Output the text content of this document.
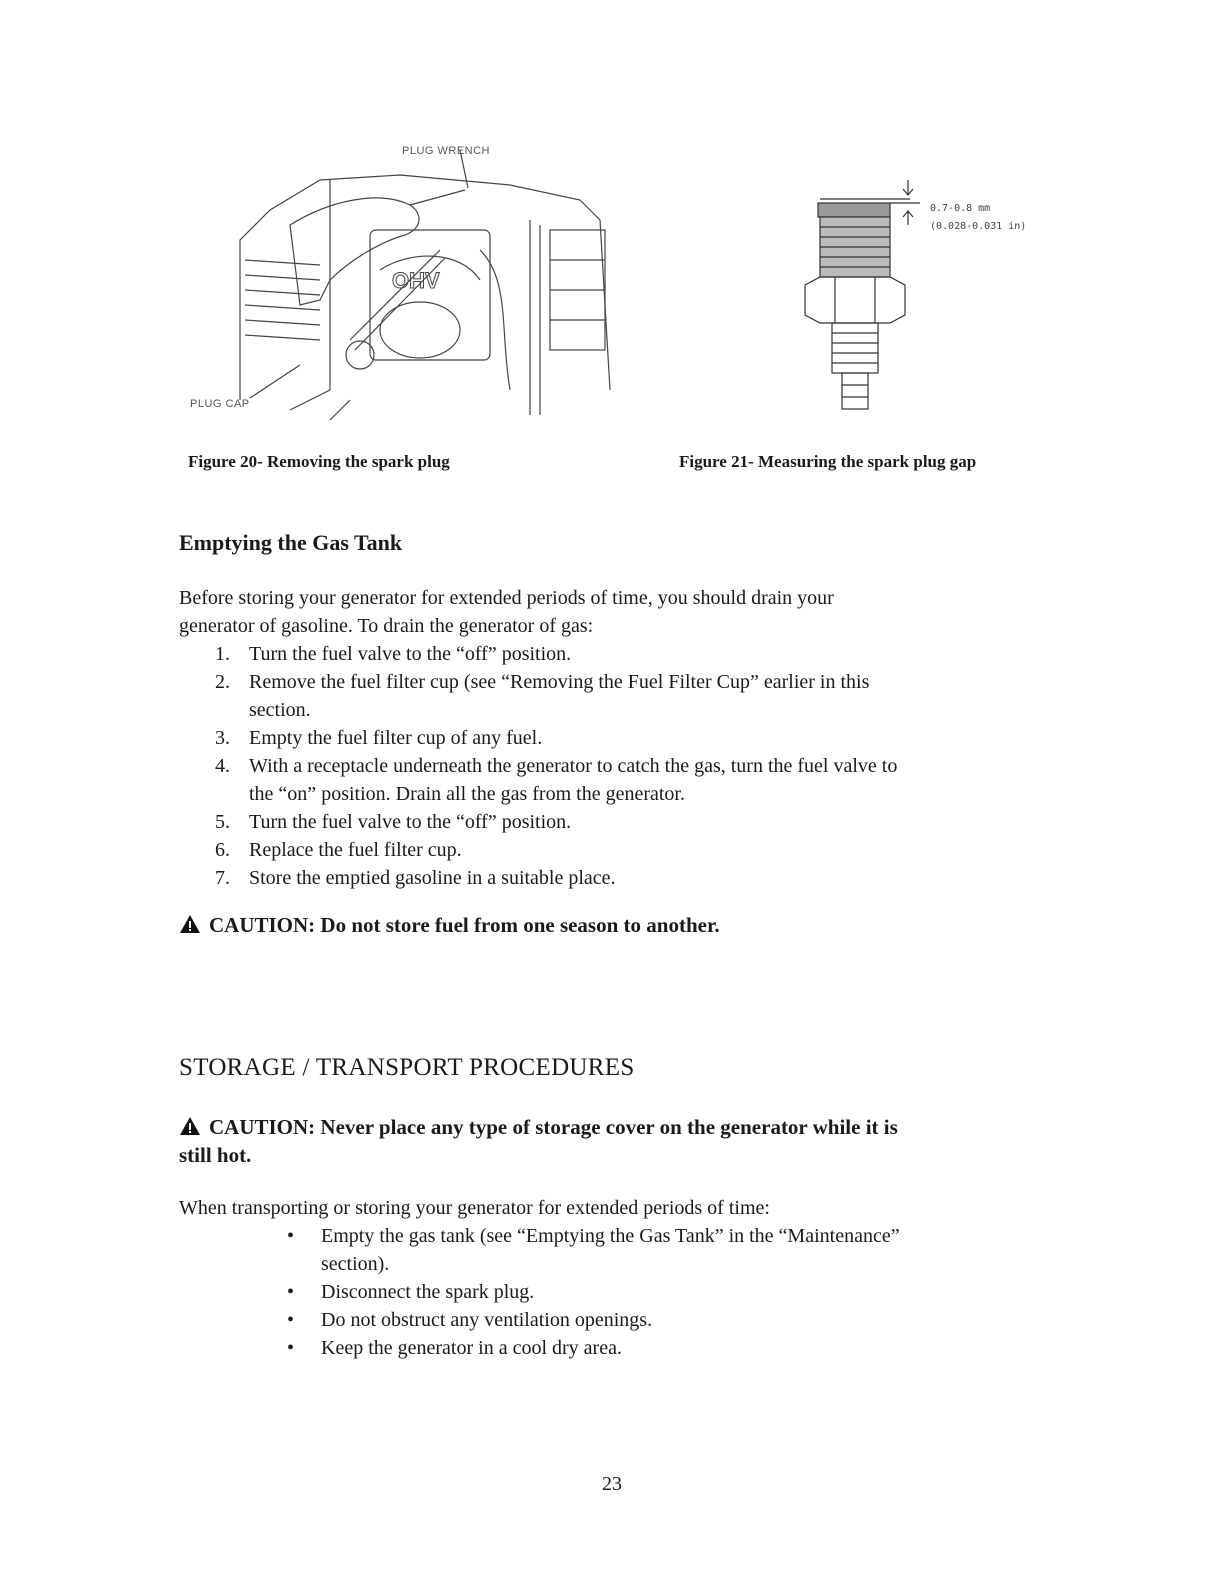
OHV
PLUG WRENCH
PLUG CAP
0.7-0.8 mm
(0.028-0.031 in)
Figure 20- Removing the spark plug	Figure 21- Measuring the spark plug gap
Emptying the Gas Tank
Before storing your generator for extended periods of time, you should drain your
generator of gasoline. To drain the generator of gas:
1. Turn the fuel valve to the “off” position.
2. Remove the fuel filter cup (see “Removing the Fuel Filter Cup” earlier in this
section.
3. Empty the fuel filter cup of any fuel.
4. With a receptacle underneath the generator to catch the gas, turn the fuel valve to
the “on” position. Drain all the gas from the generator.
5. Turn the fuel valve to the “off” position.
6. Replace the fuel filter cup.
7. Store the emptied gasoline in a suitable place.
CAUTION: Do not store fuel from one season to another.
STORAGE / TRANSPORT PROCEDURES
CAUTION: Never place any type of storage cover on the generator while it is
still hot.
When transporting or storing your generator for extended periods of time:
• Empty the gas tank (see “Emptying the Gas Tank” in the “Maintenance”
section).
• Disconnect the spark plug.
• Do not obstruct any ventilation openings.
• Keep the generator in a cool dry area.
23
